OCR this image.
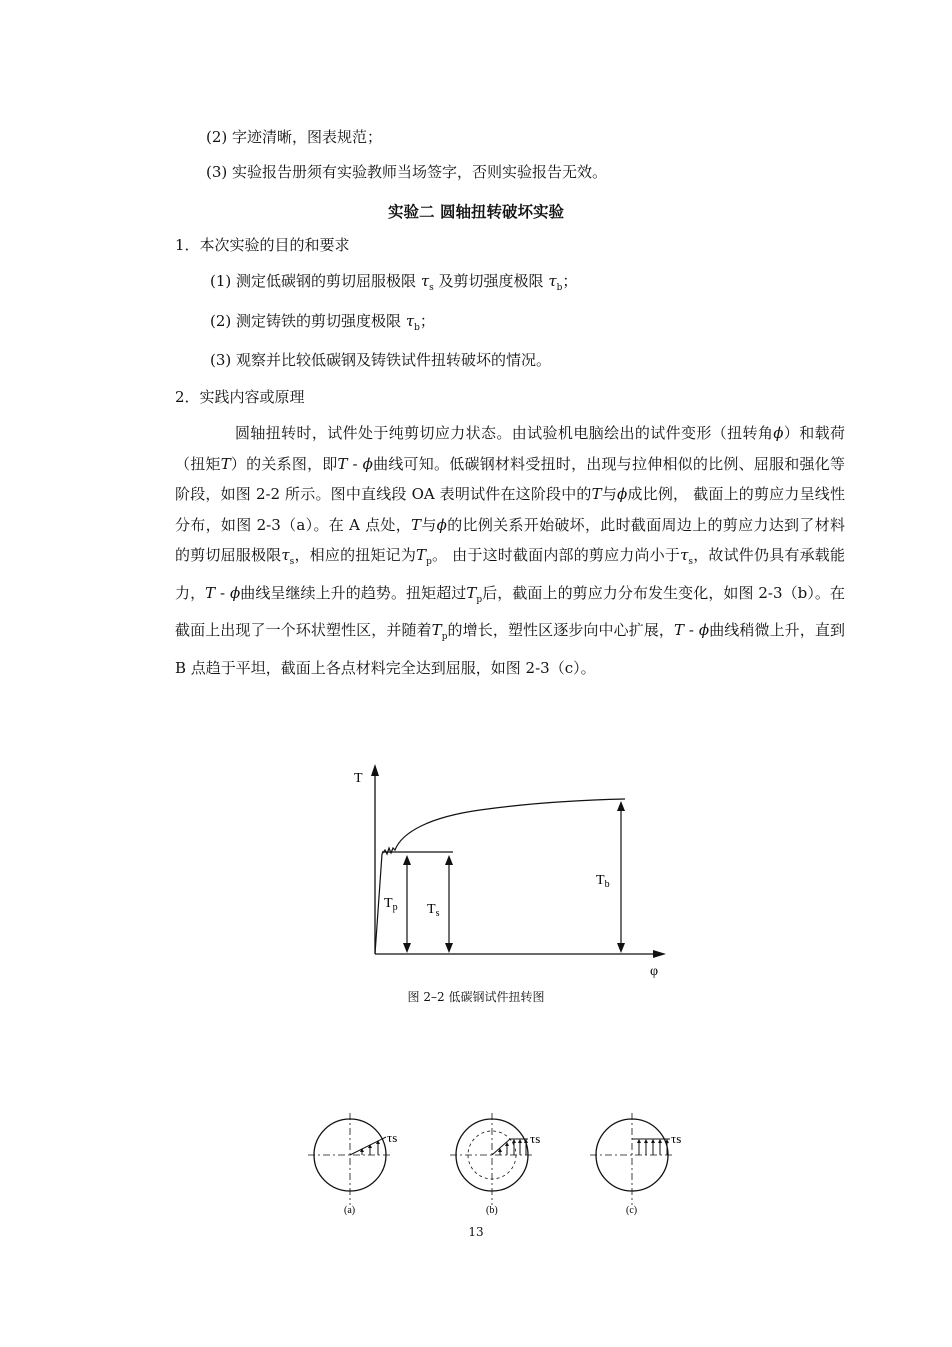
(2) 字迹清晰，图表规范；
(3) 实验报告册须有实验教师当场签字，否则实验报告无效。
实验二 圆轴扭转破坏实验
1．本次实验的目的和要求
(1) 测定低碳钢的剪切屈服极限 $\tau_s$ 及剪切强度极限 $\tau_b$；
(2) 测定铸铁的剪切强度极限 $\tau_b$；
(3) 观察并比较低碳钢及铸铁试件扭转破坏的情况。
2．实践内容或原理
圆轴扭转时，试件处于纯剪切应力状态。由试验机电脑绘出的试件变形（扭转角ϕ）和载荷（扭矩T）的关系图，即T - ϕ曲线可知。低碳钢材料受扭时，出现与拉伸相似的比例、屈服和强化等阶段，如图 2-2 所示。图中直线段 OA 表明试件在这阶段中的T与ϕ成比例， 截面上的剪应力呈线性分布，如图 2-3（a）。在 A 点处，T与ϕ的比例关系开始破坏，此时截面周边上的剪应力达到了材料的剪切屈服极限$\tau_s$，相应的扭矩记为$T_p$。 由于这时截面内部的剪应力尚小于$\tau_s$，故试件仍具有承载能力，T - ϕ曲线呈继续上升的趋势。扭矩超过$T_p$后，截面上的剪应力分布发生变化，如图 2-3（b）。在截面上出现了一个环状塑性区，并随着$T_p$的增长，塑性区逐步向中心扩展，T - ϕ曲线稍微上升，直到 B 点趋于平坦，截面上各点材料完全达到屈服，如图 2-3（c）。
T
φ
$T_p$ $T_s$
$T_b$
图 2–2 低碳钢试件扭转图
τs
(a)
τs
(b)
τs
(c)
13
